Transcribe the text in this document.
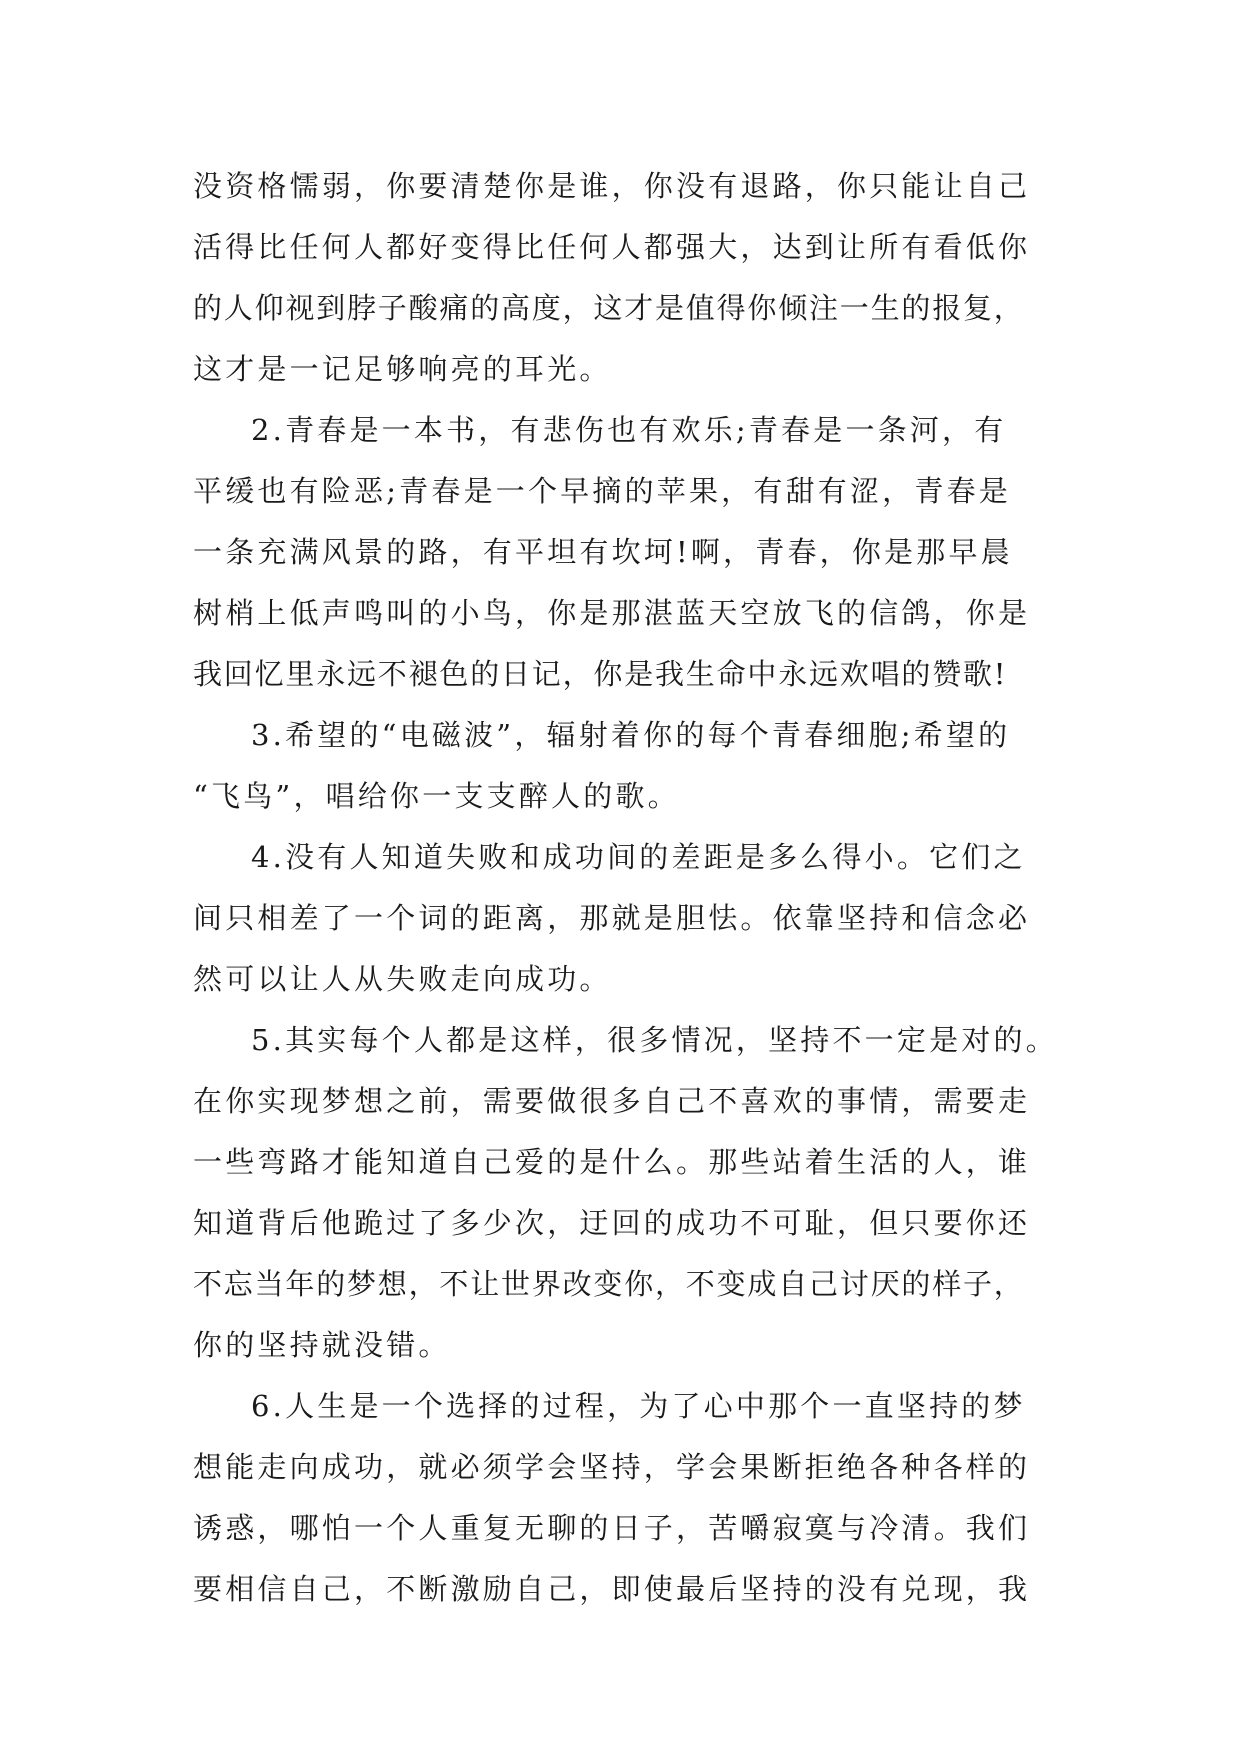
没资格懦弱，你要清楚你是谁，你没有退路，你只能让自己
活得比任何人都好变得比任何人都强大，达到让所有看低你
的人仰视到脖子酸痛的高度，这才是值得你倾注一生的报复，
这才是一记足够响亮的耳光。
2.青春是一本书，有悲伤也有欢乐;青春是一条河，有
平缓也有险恶;青春是一个早摘的苹果，有甜有涩，青春是
一条充满风景的路，有平坦有坎坷!啊，青春，你是那早晨
树梢上低声鸣叫的小鸟，你是那湛蓝天空放飞的信鸽，你是
我回忆里永远不褪色的日记，你是我生命中永远欢唱的赞歌!
3.希望的“电磁波”，辐射着你的每个青春细胞;希望的
“飞鸟”，唱给你一支支醉人的歌。
4.没有人知道失败和成功间的差距是多么得小。它们之
间只相差了一个词的距离，那就是胆怯。依靠坚持和信念必
然可以让人从失败走向成功。
5.其实每个人都是这样，很多情况，坚持不一定是对的。
在你实现梦想之前，需要做很多自己不喜欢的事情，需要走
一些弯路才能知道自己爱的是什么。那些站着生活的人，谁
知道背后他跪过了多少次，迂回的成功不可耻，但只要你还
不忘当年的梦想，不让世界改变你，不变成自己讨厌的样子，
你的坚持就没错。
6.人生是一个选择的过程，为了心中那个一直坚持的梦
想能走向成功，就必须学会坚持，学会果断拒绝各种各样的
诱惑，哪怕一个人重复无聊的日子，苦嚼寂寞与冷清。我们
要相信自己，不断激励自己，即使最后坚持的没有兑现，我
